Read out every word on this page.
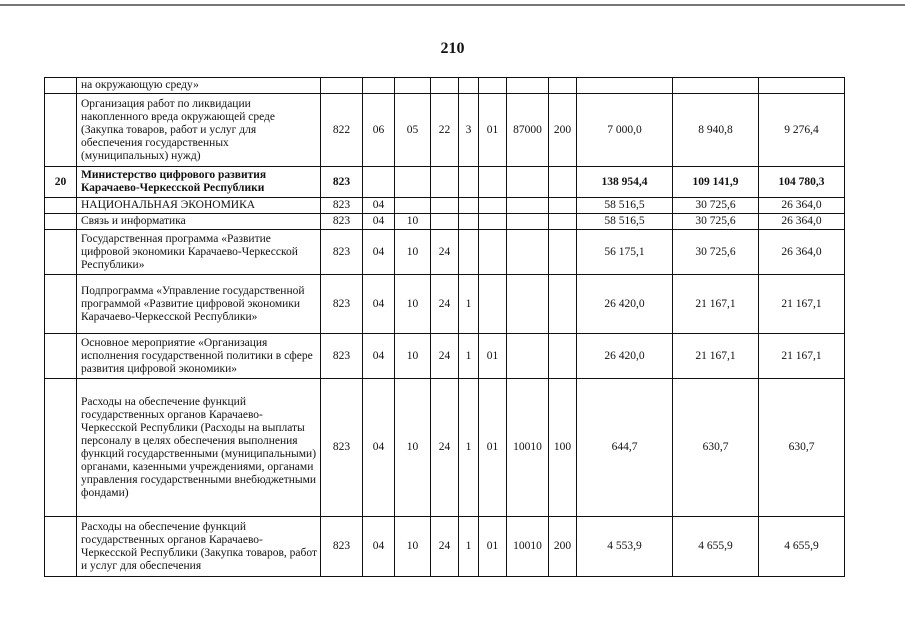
210
	на окружающую среду»											
	Организация работ по ликвидации накопленного вреда окружающей среде (Закупка товаров, работ и услуг для обеспечения государственных (муниципальных) нужд)	822	06	05	22	3	01	87000	200	7 000,0	8 940,8	9 276,4
20	Министерство цифрового развития Карачаево-Черкесской Республики	823								138 954,4	109 141,9	104 780,3
	НАЦИОНАЛЬНАЯ ЭКОНОМИКА	823	04							58 516,5	30 725,6	26 364,0
	Связь и информатика	823	04	10						58 516,5	30 725,6	26 364,0
	Государственная программа «Развитие цифровой экономики Карачаево-Черкесской Республики»	823	04	10	24					56 175,1	30 725,6	26 364,0
	Подпрограмма «Управление государственной программой «Развитие цифровой экономики Карачаево-Черкесской Республики»	823	04	10	24	1				26 420,0	21 167,1	21 167,1
	Основное мероприятие «Организация исполнения государственной политики в сфере развития цифровой экономики»	823	04	10	24	1	01			26 420,0	21 167,1	21 167,1
	Расходы на обеспечение функций государственных органов Карачаево-Черкесской Республики (Расходы на выплаты персоналу в целях обеспечения выполнения функций государственными (муниципальными) органами, казенными учреждениями, органами управления государственными внебюджетными фондами)	823	04	10	24	1	01	10010	100	644,7	630,7	630,7
	Расходы на обеспечение функций государственных органов Карачаево-Черкесской Республики (Закупка товаров, работ и услуг для обеспечения	823	04	10	24	1	01	10010	200	4 553,9	4 655,9	4 655,9
